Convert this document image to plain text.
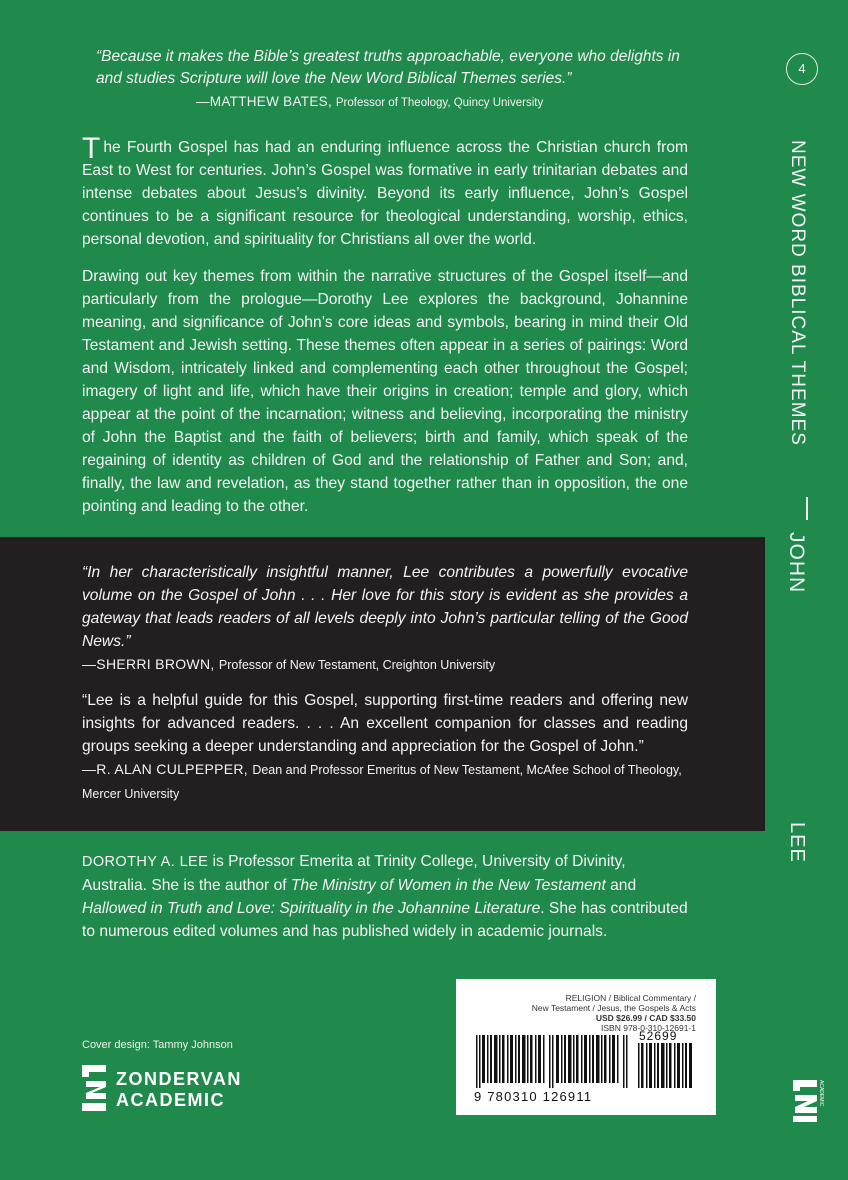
“Because it makes the Bible’s greatest truths approachable, everyone who delights in and studies Scripture will love the New Word Biblical Themes series.”
—MATTHEW BATES, Professor of Theology, Quincy University
The Fourth Gospel has had an enduring influence across the Christian church from East to West for centuries. John’s Gospel was formative in early trinitarian debates and intense debates about Jesus’s divinity. Beyond its early influence, John’s Gospel continues to be a significant resource for theological understanding, worship, ethics, personal devotion, and spirituality for Christians all over the world.
Drawing out key themes from within the narrative structures of the Gospel itself—and particularly from the prologue—Dorothy Lee explores the background, Johannine meaning, and significance of John’s core ideas and symbols, bearing in mind their Old Testament and Jewish setting. These themes often appear in a series of pairings: Word and Wisdom, intricately linked and complementing each other throughout the Gospel; imagery of light and life, which have their origins in creation; temple and glory, which appear at the point of the incarnation; witness and believing, incorporating the ministry of John the Baptist and the faith of believers; birth and family, which speak of the regaining of identity as children of God and the relationship of Father and Son; and, finally, the law and revelation, as they stand together rather than in opposition, the one pointing and leading to the other.
“In her characteristically insightful manner, Lee contributes a powerfully evocative volume on the Gospel of John . . . Her love for this story is evident as she provides a gateway that leads readers of all levels deeply into John’s particular telling of the Good News.”

—SHERRI BROWN, Professor of New Testament, Creighton University
“Lee is a helpful guide for this Gospel, supporting first-time readers and offering new insights for advanced readers. . . . An excellent companion for classes and reading groups seeking a deeper understanding and appreciation for the Gospel of John.”

—R. ALAN CULPEPPER, Dean and Professor Emeritus of New Testament, McAfee School of Theology, Mercer University
DOROTHY A. LEE is Professor Emerita at Trinity College, University of Divinity, Australia. She is the author of The Ministry of Women in the New Testament and Hallowed in Truth and Love: Spirituality in the Johannine Literature. She has contributed to numerous edited volumes and has published widely in academic journals.
RELIGION / Biblical Commentary /
New Testament / Jesus, the Gospels & Acts
USD $26.99 / CAD $33.50
ISBN 978-0-310-12691-1
52699
9 780310 126911
Cover design: Tammy Johnson
ZONDERVAN
ACADEMIC
4
NEW WORD BIBLICAL THEMES
JOHN
LEE
ACADEMIC
